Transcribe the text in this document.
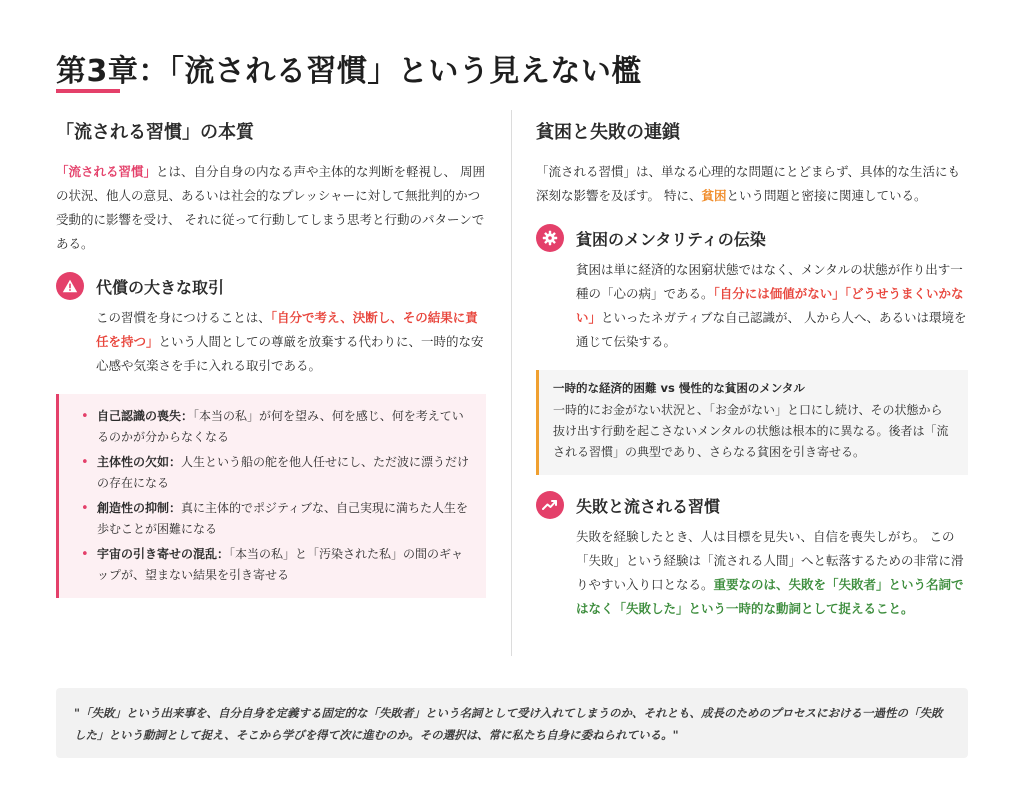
第3章：「流される習慣」という見えない檻
「流される習慣」の本質

「流される習慣」とは、自分自身の内なる声や主体的な判断を軽視し、 周囲の状況、他人の意見、あるいは社会的なプレッシャーに対して無批判的かつ受動的に影響を受け、 それに従って行動してしまう思考と行動のパターンである。

代償の大きな取引

この習慣を身につけることは、「自分で考え、決断し、その結果に責任を持つ」という人間としての尊厳を放棄する代わりに、一時的な安心感や気楽さを手に入れる取引である。

• 自己認識の喪失：「本当の私」が何を望み、何を感じ、何を考えているのかが分からなくなる
• 主体性の欠如：人生という船の舵を他人任せにし、ただ波に漂うだけの存在になる
• 創造性の抑制：真に主体的でポジティブな、自己実現に満ちた人生を歩むことが困難になる
• 宇宙の引き寄せの混乱：「本当の私」と「汚染された私」の間のギャップが、望まない結果を引き寄せる
貧困と失敗の連鎖

「流される習慣」は、単なる心理的な問題にとどまらず、具体的な生活にも深刻な影響を及ぼす。 特に、貧困という問題と密接に関連している。

貧困のメンタリティの伝染

貧困は単に経済的な困窮状態ではなく、メンタルの状態が作り出す一種の「心の病」である。「自分には価値がない」「どうせうまくいかない」といったネガティブな自己認識が、 人から人へ、あるいは環境を通じて伝染する。

一時的な経済的困難 vs 慢性的な貧困のメンタル
一時的にお金がない状況と、「お金がない」と口にし続け、その状態から抜け出す行動を起こさないメンタルの状態は根本的に異なる。後者は「流される習慣」の典型であり、さらなる貧困を引き寄せる。
失敗と流される習慣

失敗を経験したとき、人は目標を見失い、自信を喪失しがち。 この「失敗」という経験は「流される人間」へと転落するための非常に滑りやすい入り口となる。重要なのは、失敗を「失敗者」という名詞ではなく「失敗した」という一時的な動詞として捉えること。

"「失敗」という出来事を、自分自身を定義する固定的な「失敗者」という名詞として受け入れてしまうのか、それとも、成長のためのプロセスにおける一過性の「失敗した」という動詞として捉え、そこから学びを得て次に進むのか。その選択は、常に私たち自身に委ねられている。"
